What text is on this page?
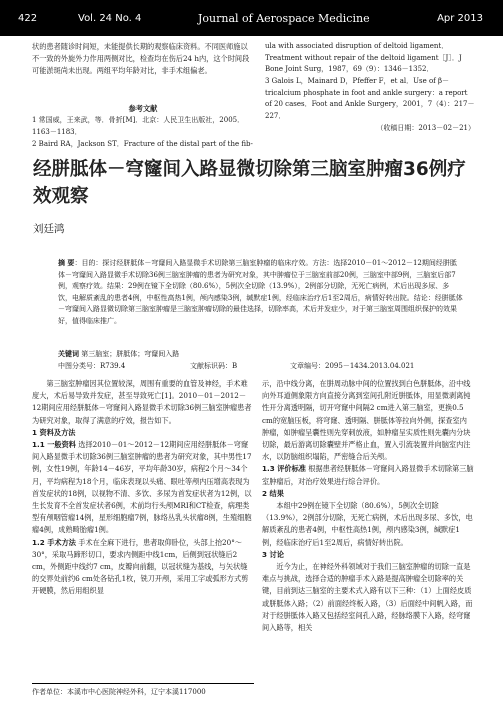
422	Vol. 24 No. 4	Journal of Aerospace Medicine	Apr 2013

状的患者随诊时间短，未能提供长期的观察临床资料。不同医师施以不一致的外旋外力作用两侧对比，检查均在伤后24 h内，这个时间段可能淤斑尚未出现。两组平均年龄对比，非手术组偏老。

参考文献

1 常国威，王来武，等．骨折[M]．北京：人民卫生出版社，2005．1163－1183．

2 Baird RA，Jackson ST．Fracture of the distal part of the fib-

ula with associated disruption of deltoid ligament．Treatment without repair of the deltoid ligament［J］．J Bone Joint Surg，1987，69（9）：1346－1352．

3 Galois L，Mainard D，Pfeffer F，et al．Use of β－tricalcium phosphate in foot and ankle surgery：a report of 20 cases．Foot and Ankle Surgery，2001，7（4）：217－227．

（收稿日期：2013－02－21）

经胼胝体－穹窿间入路显微切除第三脑室肿瘤36例疗效观察
刘廷鸿

摘 要：目的：探讨经胼胝体－穹窿间入路显微手术切除第三脑室肿瘤的临床疗效。方法：选择2010－01～2012－12期间经胼胝体－穹窿间入路显微手术切除36例三脑室肿瘤的患者为研究对象，其中肿瘤位于三脑室前部20例，三脑室中部9例，三脑室后部7例，观察疗效。结果：29例在镜下全切除（80.6%），5例次全切除（13.9%），2例部分切除，无死亡病例，术后出现多尿、多饮，电解质紊乱的患者4例，中枢性高热1例，颅内感染3例，缄默症1例，经临床治疗后1至2周后，病情好转出院。结论：经胼胝体－穹窿间入路显微切除第三脑室肿瘤是三脑室肿瘤切除的最佳选择，切除率高，术后并发症少，对于第三脑室周围组织保护的效果好，值得临床推广。

关键词 第三脑室；胼胝体；穹窿间入路
中图分类号：R739.4	文献标识码：B	文章编号：2095－1434.2013.04.021

第三脑室肿瘤因其位置较深，周围有重要的血管及神经，手术难度大，术后易导致并发症，甚至导致死亡[1]。2010－01－2012－12期间应用经胼胝体－穹窿间入路显微手术切除36例三脑室肿瘤患者为研究对象，取得了满意的疗效，报告如下。

1 资料及方法

1.1 一般资料 选择2010－01～2012－12期间应用经胼胝体－穹窿间入路显微手术切除36例三脑室肿瘤的患者为研究对象，其中男性17例，女性19例，年龄14－46岁，平均年龄30岁，病程2个月～34个月，平均病程为18个月，临床表现以头痛、眼吐等颅内压增高表现为首发症状的18例，以视物不清、多饮、多尿为首发症状者为12例，以生长发育不全首发症状者6例，术前均行头颅MRI和CT检查，病理类型有颅咽管瘤14例，星形细胞瘤7例，脉络丛乳头状瘤8例，生殖细胞瘤4例，成熟畸胎瘤1例。

1.2 手术方法 手术在全麻下进行，患者取仰卧位，头部上抬20°～30°，采取马蹄形切口，要求内侧距中线1cm，后侧到冠状缝后2 cm，外侧距中线约7 cm，皮瓣向前翻，以冠状缝为基线，与矢状缝的交界处前约6 cm处各钻孔1枚，铣刀开颅，采用工字或弧形方式剪开硬膜，然后用组织显

示，沿中线分离，在胼周动脉中间的位置找到白色胼胝体，沿中线向外耳道侧象限方向直接分离到室间孔附近胼胝体，用显微剥离钝性开分离透明隔，切开穹窿中间隔2 cm进入第三脑室，更换0.5 cm的宽脑压板，将穹窿、透明隔、胼胝体等拉向外侧，探查室内肿瘤，如肿瘤呈囊性则先穿刺放液，如肿瘤呈实质性则先囊内分块切除，最后游离切除囊壁并严格止血，置入引流装置并向脑室内注水，以防脑组织塌陷，严密缝合后关颅。

1.3 评价标准 根据患者经胼胝体－穹窿间入路显微手术切除第三脑室肿瘤后，对治疗效果进行综合评价。

2 结果

本组中29例在镜下全切除（80.6%），5例次全切除（13.9%），2例部分切除，无死亡病例，术后出现多尿、多饮，电解质紊乱的患者4例，中枢性高热1例，颅内感染3例，缄默症1例，经临床治疗后1至2周后，病情好转出院。

3 讨论

近今为止，在神经外科领域对于我们三脑室肿瘤的切除一直是难点与挑战，选择合适的肿瘤手术入路是提高肿瘤全切除率的关键，目前到达三脑室的主要术式入路有以下三种：（1）上面经皮质或胼胝体入路；（2）前面经终板入路，（3）后面经中间帆入路，而对于经胼胝体入路又包括经室间孔入路，经脉络膜下入路，经穹窿间入路等，相关

作者单位：本溪市中心医院神经外科，辽宁本溪117000
